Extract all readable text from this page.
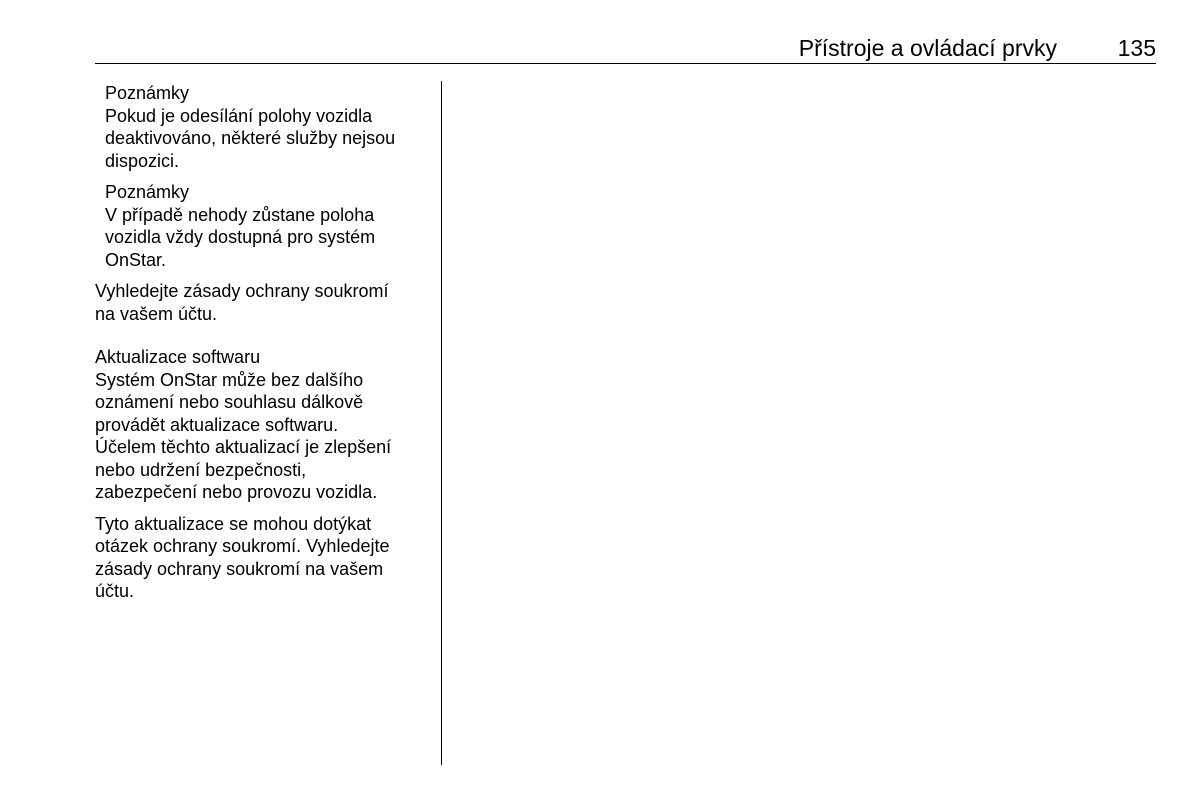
Přístroje a ovládací prvky	135

Poznámky

Pokud je odesílání polohy vozidla
deaktivováno, některé služby nejsou
dispozici.

Poznámky

V případě nehody zůstane poloha
vozidla vždy dostupná pro systém
OnStar.

Vyhledejte zásady ochrany soukromí
na vašem účtu.

Aktualizace softwaru

Systém OnStar může bez dalšího
oznámení nebo souhlasu dálkově
provádět aktualizace softwaru.
Účelem těchto aktualizací je zlepšení
nebo udržení bezpečnosti,
zabezpečení nebo provozu vozidla.

Tyto aktualizace se mohou dotýkat
otázek ochrany soukromí. Vyhledejte
zásady ochrany soukromí na vašem
účtu.
